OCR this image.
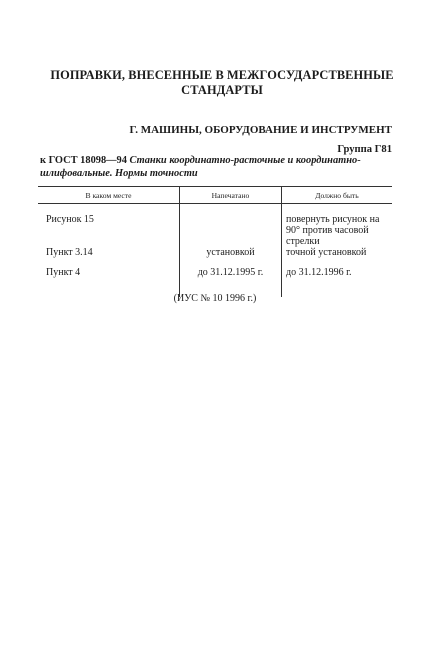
ПОПРАВКИ, ВНЕСЕННЫЕ В МЕЖГОСУДАРСТВЕННЫЕ
СТАНДАРТЫ
Г. МАШИНЫ, ОБОРУДОВАНИЕ И ИНСТРУМЕНТ
Группа Г81
к ГОСТ 18098—94 Станки координатно-расточные и координатно-шлифовальные. Нормы точности
В каком месте	Напечатано	Должно быть
Рисунок 15		повернуть рисунок на 90° против часовой стрелки
Пункт 3.14	установкой	точной установкой
Пункт 4	до 31.12.1995 г.	до 31.12.1996 г.
(ИУС № 10 1996 г.)
